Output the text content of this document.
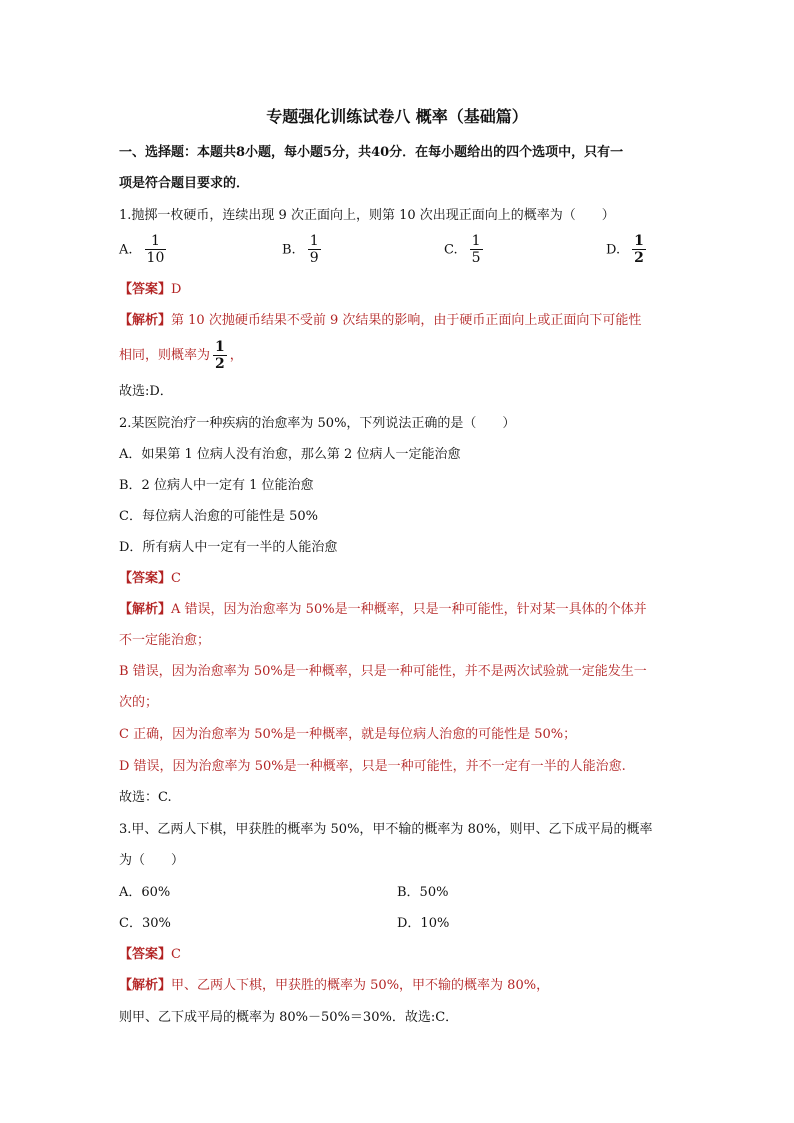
专题强化训练试卷八 概率（基础篇）
一、选择题：本题共8小题，每小题5分，共40分．在每小题给出的四个选项中，只有一
项是符合题目要求的．
1.抛掷一枚硬币，连续出现 9 次正面向上，则第 10 次出现正面向上的概率为（　　）
A. $\frac{1}{10}$	B. $\frac{1}{9}$	C. $\frac{1}{5}$	D. $\frac{1}{2}$
【答案】D
【解析】第 10 次抛硬币结果不受前 9 次结果的影响，由于硬币正面向上或正面向下可能性
相同，则概率为 $\frac{1}{2}$ ，
故选:D．
2.某医院治疗一种疾病的治愈率为 50%，下列说法正确的是（　　）
A．如果第 1 位病人没有治愈，那么第 2 位病人一定能治愈
B．2 位病人中一定有 1 位能治愈
C．每位病人治愈的可能性是 50%
D．所有病人中一定有一半的人能治愈
【答案】C
【解析】A 错误，因为治愈率为 50%是一种概率，只是一种可能性，针对某一具体的个体并
不一定能治愈；
B 错误，因为治愈率为 50%是一种概率，只是一种可能性，并不是两次试验就一定能发生一
次的；
C 正确，因为治愈率为 50%是一种概率，就是每位病人治愈的可能性是 50%；
D 错误，因为治愈率为 50%是一种概率，只是一种可能性，并不一定有一半的人能治愈.
故选：C.
3.甲、乙两人下棋，甲获胜的概率为 50%，甲不输的概率为 80%，则甲、乙下成平局的概率
为（　　）
A．60%	B．50%
C．30%	D．10%
【答案】C
【解析】甲、乙两人下棋，甲获胜的概率为 50%，甲不输的概率为 80%，
则甲、乙下成平局的概率为 80%－50%＝30%．故选:C．
